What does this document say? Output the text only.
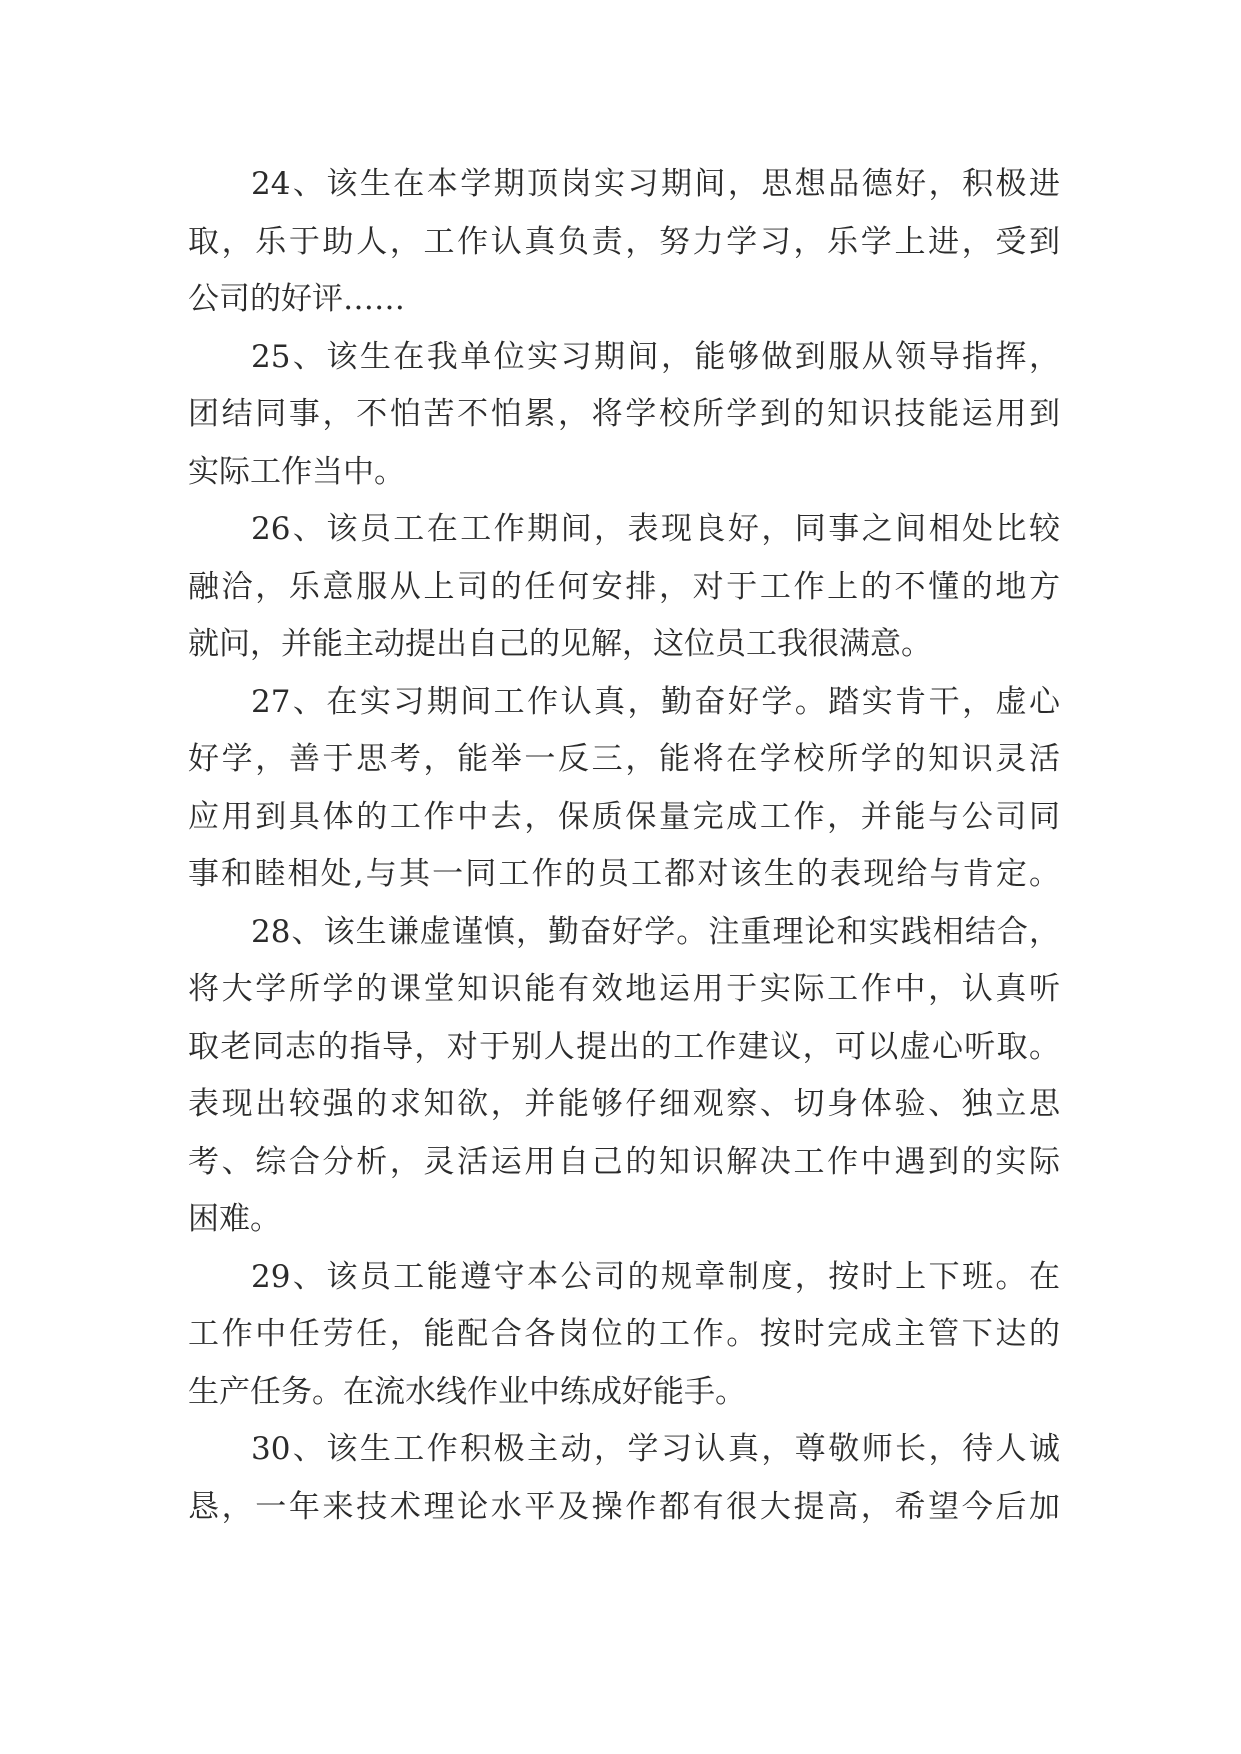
24、该生在本学期顶岗实习期间，思想品德好，积极进
取，乐于助人，工作认真负责，努力学习，乐学上进，受到
公司的好评……
25、该生在我单位实习期间，能够做到服从领导指挥，
团结同事，不怕苦不怕累，将学校所学到的知识技能运用到
实际工作当中。
26、该员工在工作期间，表现良好，同事之间相处比较
融洽，乐意服从上司的任何安排，对于工作上的不懂的地方
就问，并能主动提出自己的见解，这位员工我很满意。
27、在实习期间工作认真，勤奋好学。踏实肯干，虚心
好学，善于思考，能举一反三，能将在学校所学的知识灵活
应用到具体的工作中去，保质保量完成工作，并能与公司同
事和睦相处,与其一同工作的员工都对该生的表现给与肯定。
28、该生谦虚谨慎，勤奋好学。注重理论和实践相结合，
将大学所学的课堂知识能有效地运用于实际工作中，认真听
取老同志的指导，对于别人提出的工作建议，可以虚心听取。
表现出较强的求知欲，并能够仔细观察、切身体验、独立思
考、综合分析，灵活运用自己的知识解决工作中遇到的实际
困难。
29、该员工能遵守本公司的规章制度，按时上下班。在
工作中任劳任，能配合各岗位的工作。按时完成主管下达的
生产任务。在流水线作业中练成好能手。
30、该生工作积极主动，学习认真，尊敬师长，待人诚
恳，一年来技术理论水平及操作都有很大提高，希望今后加
